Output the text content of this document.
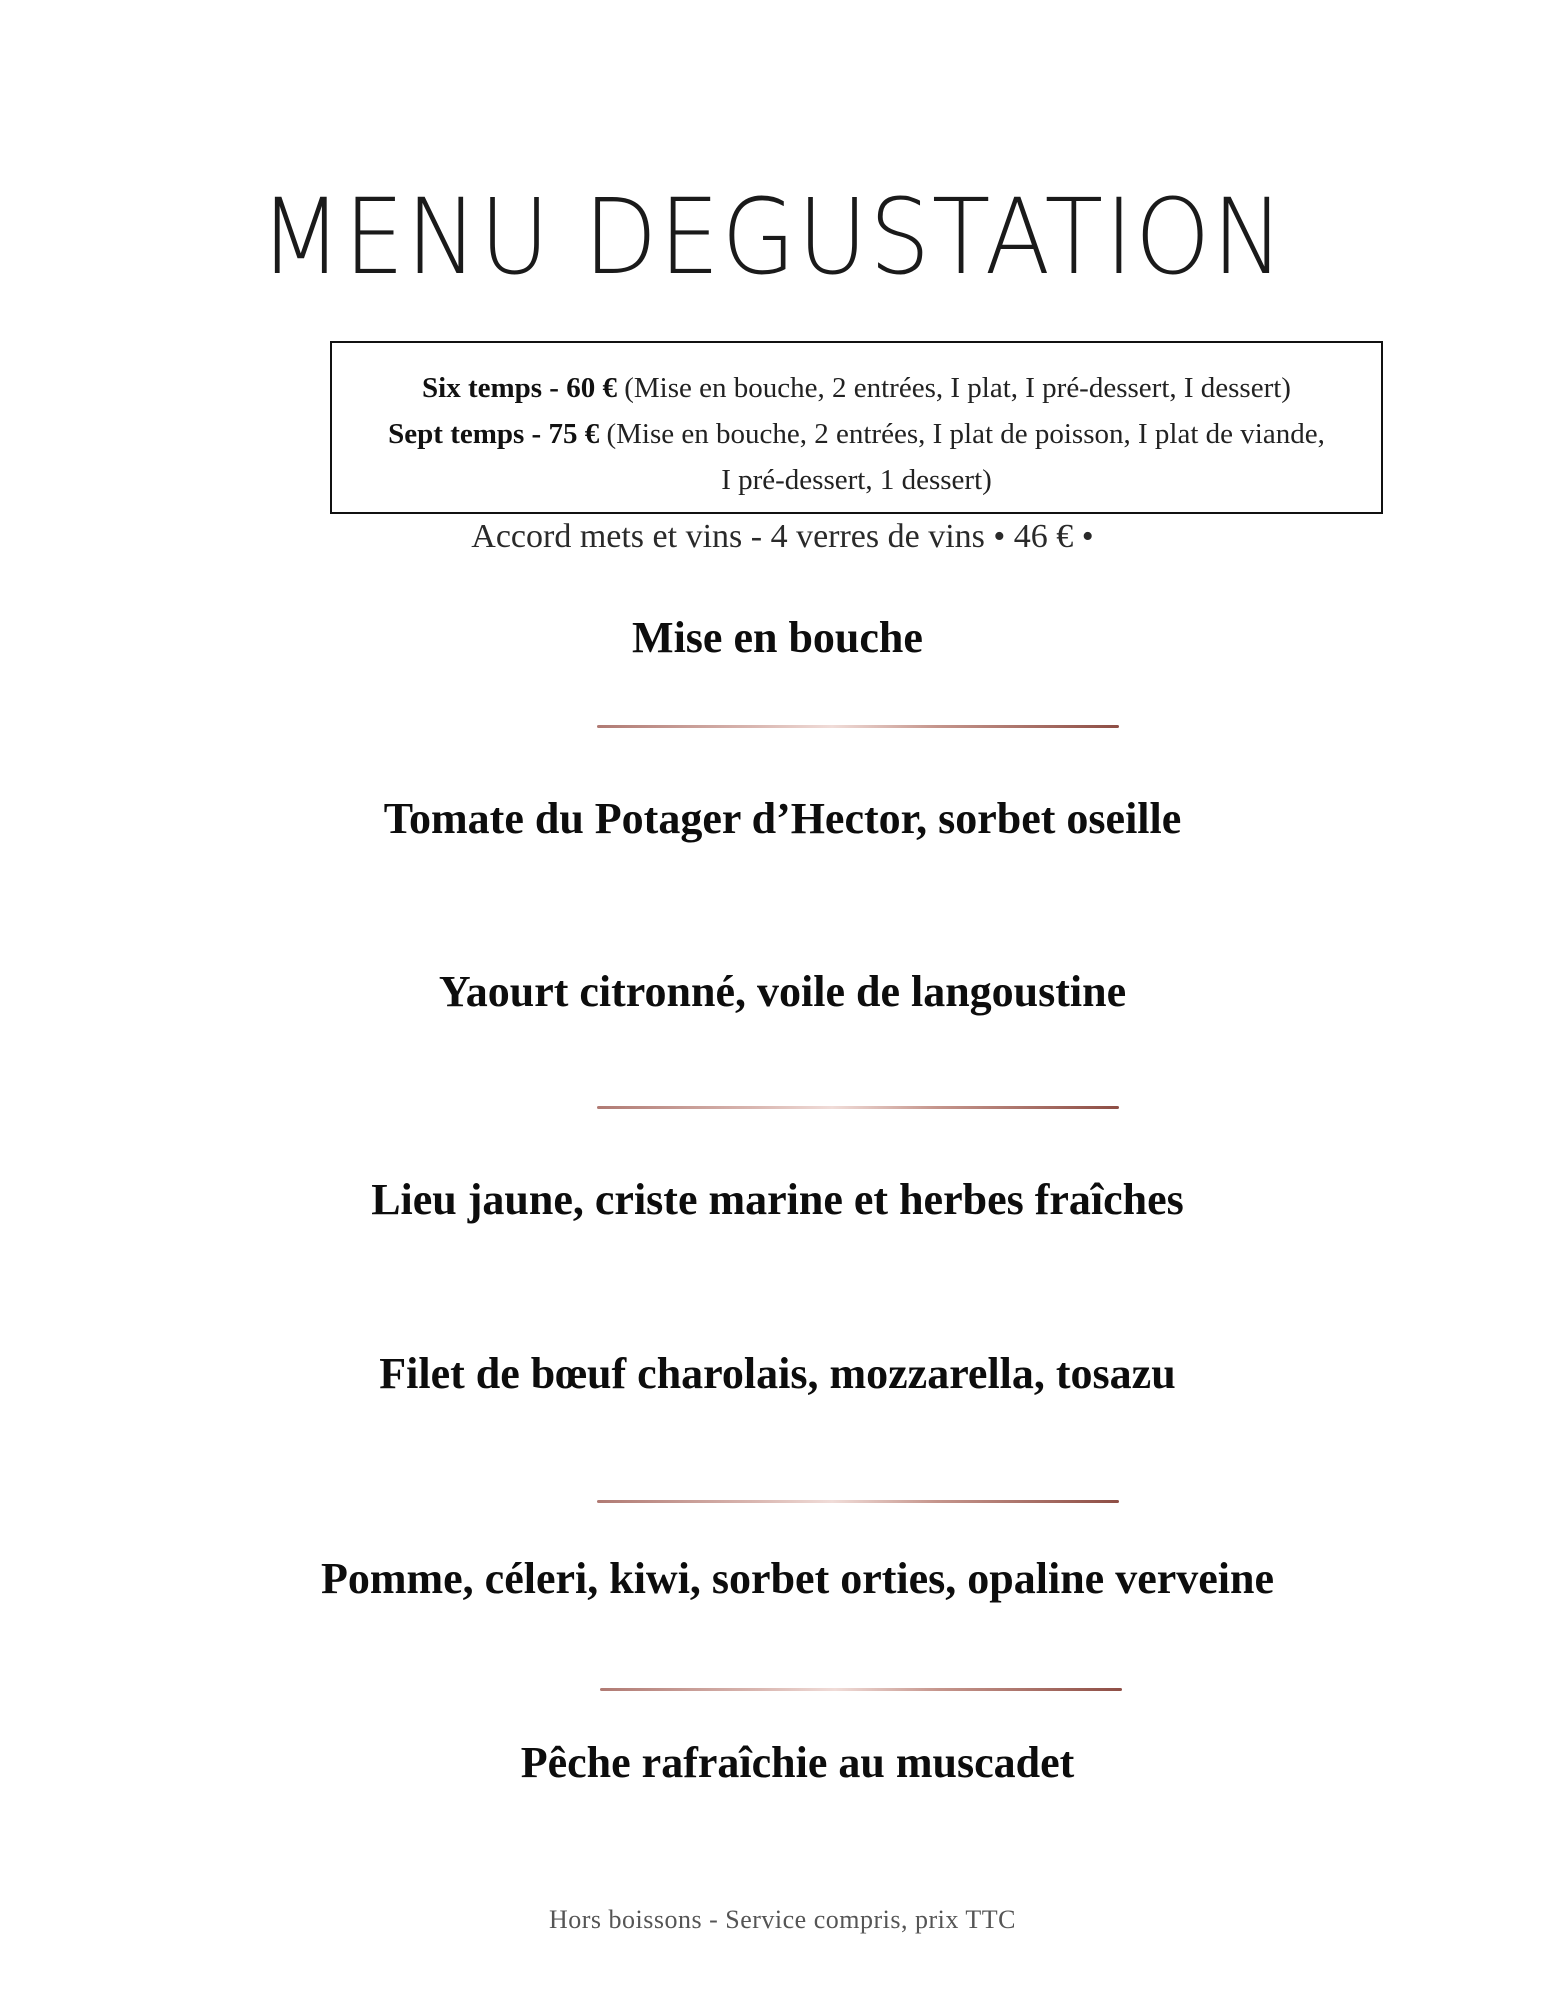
MENU DEGUSTATION
Six temps - 60 € (Mise en bouche, 2 entrées, I plat, I pré-dessert, I dessert)
Sept temps - 75 € (Mise en bouche, 2 entrées, I plat de poisson, I plat de viande,
I pré-dessert, 1 dessert)
Accord mets et vins - 4 verres de vins • 46 € •
Mise en bouche
Tomate du Potager d’Hector, sorbet oseille
Yaourt citronné, voile de langoustine
Lieu jaune, criste marine et herbes fraîches
Filet de bœuf charolais, mozzarella, tosazu
Pomme, céleri, kiwi, sorbet orties, opaline verveine
Pêche rafraîchie au muscadet
Hors boissons - Service compris, prix TTC
